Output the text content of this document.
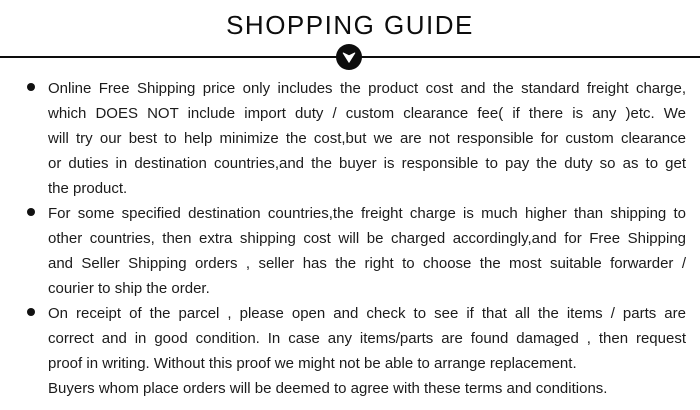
SHOPPING GUIDE
Online Free Shipping price only includes the product cost and the standard freight charge,
which DOES NOT include import duty / custom clearance fee( if there is any )etc. We
will try our best to help minimize the cost,but we are not responsible for custom clearance
or duties in destination countries,and the buyer is responsible to pay the duty so as to get
the product.
For some specified destination countries,the freight charge is much higher than shipping to
other countries, then extra shipping cost will be charged accordingly,and for Free Shipping
and Seller Shipping orders , seller has the right to choose the most suitable forwarder /
courier to ship the order.
On receipt of the parcel , please open and check to see if that all the items / parts are
correct and in good condition. In case any items/parts are found damaged , then request
proof in writing. Without this proof we might not be able to arrange replacement.
Buyers whom place orders will be deemed to agree with these terms and conditions.
